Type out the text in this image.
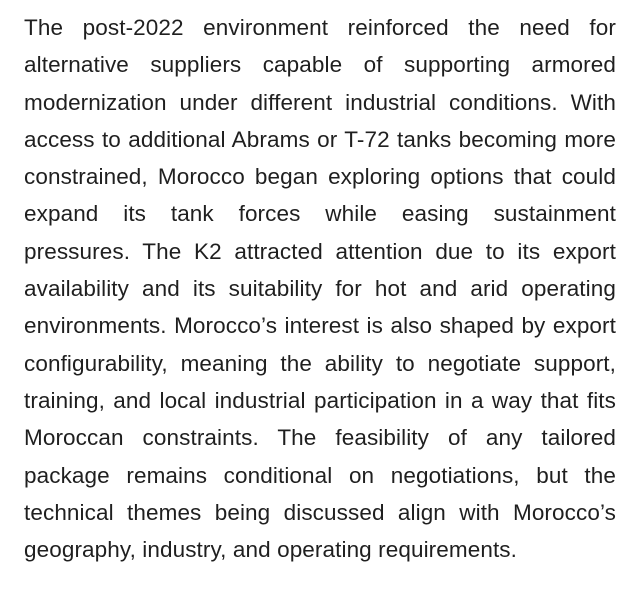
The post-2022 environment reinforced the need for alternative suppliers capable of supporting armored modernization under different industrial conditions. With access to additional Abrams or T-72 tanks becoming more constrained, Morocco began exploring options that could expand its tank forces while easing sustainment pressures. The K2 attracted attention due to its export availability and its suitability for hot and arid operating environments. Morocco’s interest is also shaped by export configurability, meaning the ability to negotiate support, training, and local industrial participation in a way that fits Moroccan constraints. The feasibility of any tailored package remains conditional on negotiations, but the technical themes being discussed align with Morocco’s geography, industry, and operating requirements.
